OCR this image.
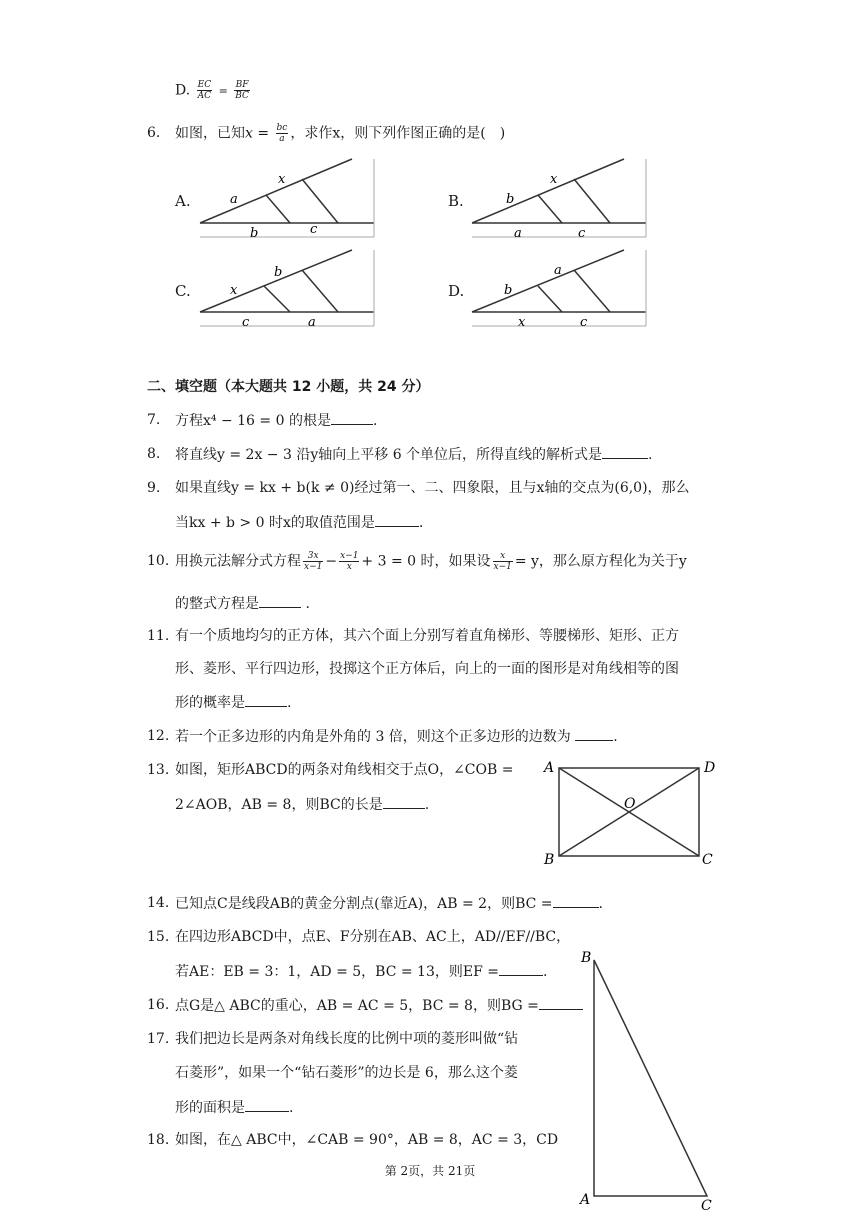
D. $\frac{EC}{AC} = \frac{BF}{BC}$
6. 如图，已知$x = \frac{bc}{a}$ ，求作x，则下列作图正确的是(　)
A.	a
x
b	c
B.	b
x
a	c
C.	x
b
c	a
D.	b
a
x	c
二、填空题（本大题共 12 小题，共 24 分）
7. 方程x⁴ − 16 = 0 的根是	.
8. 将直线y = 2x − 3 沿y轴向上平移 6 个单位后，所得直线的解析式是	.
9. 如果直线y = kx + b(k ≠ 0)经过第一、二、四象限，且与x轴的交点为(6,0)，那么
当kx + b > 0 时x的取值范围是	.
10. 用换元法解分式方程 $\frac{3x}{x-1} - \frac{x-1}{x} + 3 = 0$ 时，如果设 $\frac{x}{x-1} = y$，那么原方程化为关于y
的整式方程是	.
11. 有一个质地均匀的正方体，其六个面上分别写着直角梯形、等腰梯形、矩形、正方
形、菱形、平行四边形，投掷这个正方体后，向上的一面的图形是对角线相等的图
形的概率是	.
12. 若一个正多边形的内角是外角的 3 倍，则这个正多边形的边数为	.
13. 如图，矩形ABCD的两条对角线相交于点O，∠COB =
2∠AOB，AB = 8，则BC的长是	.
A	D
B	C
O
14. 已知点C是线段AB的黄金分割点(靠近A)，AB = 2，则BC =	.
15. 在四边形ABCD中，点E、F分别在AB、AC上，AD//EF//BC，
若AE：EB = 3：1，AD = 5，BC = 13，则EF =	.
16. 点G是△ ABC的重心，AB = AC = 5，BC = 8，则BG =
17. 我们把边长是两条对角线长度的比例中项的菱形叫做“钻
石菱形”，如果一个“钻石菱形”的边长是 6，那么这个菱
形的面积是	.
18. 如图，在△ ABC中，∠CAB = 90°，AB = 8，AC = 3，CD
B
A	C
第 2页，共 21页
